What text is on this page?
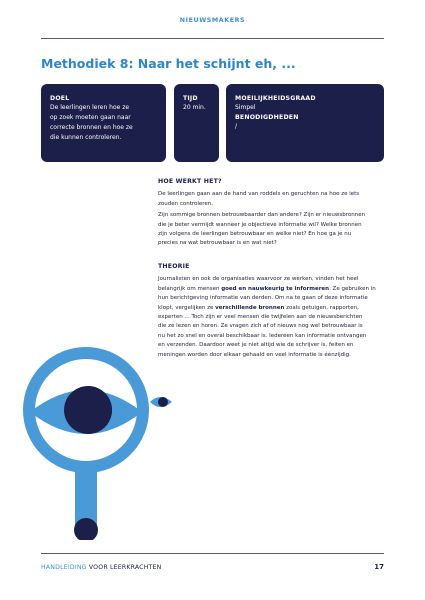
NIEUWSMAKERS
Methodiek 8: Naar het schijnt eh, ...
DOEL
De leerlingen leren hoe ze
op zoek moeten gaan naar
correcte bronnen en hoe ze
die kunnen controleren.
TIJD
20 min.
MOEILIJKHEIDSGRAAD
Simpel
BENODIGDHEDEN
/
HOE WERKT HET?

De leerlingen gaan aan de hand van roddels en geruchten na hoe ze iets
zouden controleren.

Zijn sommige bronnen betrouwbaarder dan andere? Zijn er nieuwsbronnen
die je beter vermijdt wanneer je objectieve informatie wil? Welke bronnen
zijn volgens de leerlingen betrouwbaar en welke niet? En hoe ga je nu
precies na wat betrouwbaar is en wat niet?

THEORIE

Journalisten en ook de organisaties waarvoor ze werken, vinden het heel
belangrijk om mensen goed en nauwkeurig te informeren. Ze gebruiken in
hun berichtgeving informatie van derden. Om na te gaan of deze informatie
klopt, vergelijken ze verschillende bronnen zoals getuigen, rapporten,
experten ... Toch zijn er veel mensen die twijfelen aan de nieuwsberichten
die ze lezen en horen. Ze vragen zich af of nieuws nog wel betrouwbaar is
nu het zo snel en overal beschikbaar is. Iedereen kan informatie ontvangen
en verzenden. Daardoor weet je niet altijd wie de schrijver is, feiten en
meningen worden door elkaar gehaald en veel informatie is éénzijdig.

HANDLEIDING VOOR LEERKRACHTEN	17
